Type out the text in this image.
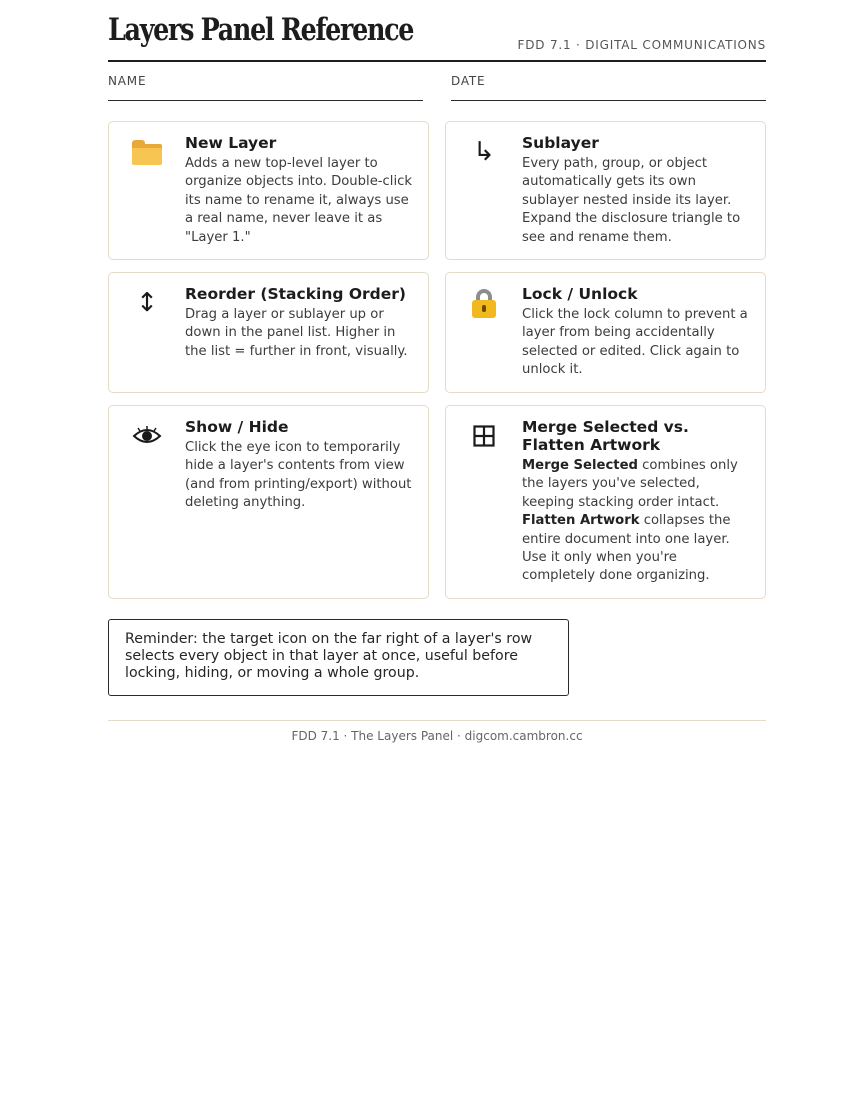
Layers Panel Reference	FDD 7.1 · DIGITAL COMMUNICATIONS
NAME	DATE
New Layer

Adds a new top-level layer to organize objects into. Double-click its name to rename it, always use a real name, never leave it as "Layer 1."

↳	Sublayer

Every path, group, or object automatically gets its own sublayer nested inside its layer. Expand the disclosure triangle to see and rename them.

↕	Reorder (Stacking Order)

Drag a layer or sublayer up or down in the panel list. Higher in the list = further in front, visually.

Lock / Unlock

Click the lock column to prevent a layer from being accidentally selected or edited. Click again to unlock it.

Show / Hide

Click the eye icon to temporarily hide a layer's contents from view (and from printing/export) without deleting anything.

Merge Selected vs. Flatten Artwork

Merge Selected combines only the layers you've selected, keeping stacking order intact. Flatten Artwork collapses the entire document into one layer. Use it only when you're completely done organizing.

Reminder: the target icon on the far right of a layer's row selects every object in that layer at once, useful before locking, hiding, or moving a whole group.
FDD 7.1 · The Layers Panel · digcom.cambron.cc
